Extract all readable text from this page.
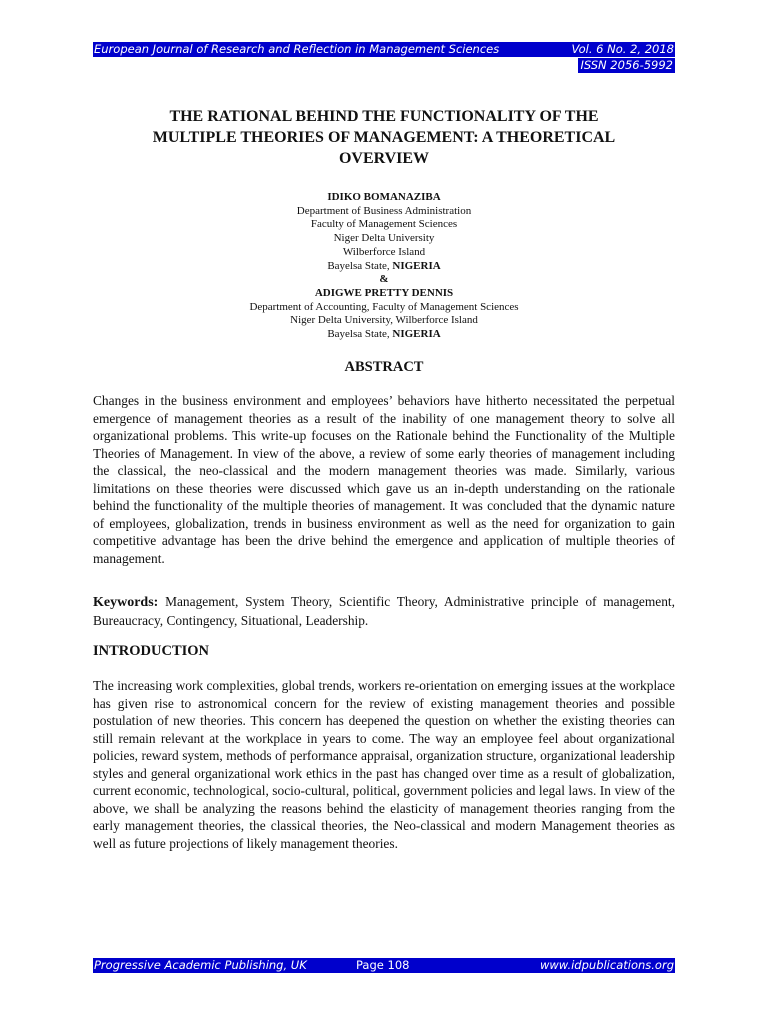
European Journal of Research and Reflection in Management Sciences	Vol. 6 No. 2, 2018
ISSN 2056-5992
THE RATIONAL BEHIND THE FUNCTIONALITY OF THE
MULTIPLE THEORIES OF MANAGEMENT: A THEORETICAL
OVERVIEW
IDIKO BOMANAZIBA
Department of Business Administration
Faculty of Management Sciences
Niger Delta University
Wilberforce Island
Bayelsa State, NIGERIA
&
ADIGWE PRETTY DENNIS
Department of Accounting, Faculty of Management Sciences
Niger Delta University, Wilberforce Island
Bayelsa State, NIGERIA
ABSTRACT

Changes in the business environment and employees’ behaviors have hitherto necessitated the perpetual emergence of management theories as a result of the inability of one management theory to solve all organizational problems. This write-up focuses on the Rationale behind the Functionality of the Multiple Theories of Management. In view of the above, a review of some early theories of management including the classical, the neo-classical and the modern management theories was made. Similarly, various limitations on these theories were discussed which gave us an in-depth understanding on the rationale behind the functionality of the multiple theories of management. It was concluded that the dynamic nature of employees, globalization, trends in business environment as well as the need for organization to gain competitive advantage has been the drive behind the emergence and application of multiple theories of management.

Keywords: Management, System Theory, Scientific Theory, Administrative principle of management, Bureaucracy, Contingency, Situational, Leadership.

INTRODUCTION

The increasing work complexities, global trends, workers re-orientation on emerging issues at the workplace has given rise to astronomical concern for the review of existing management theories and possible postulation of new theories. This concern has deepened the question on whether the existing theories can still remain relevant at the workplace in years to come. The way an employee feel about organizational policies, reward system, methods of performance appraisal, organization structure, organizational leadership styles and general organizational work ethics in the past has changed over time as a result of globalization, current economic, technological, socio-cultural, political, government policies and legal laws. In view of the above, we shall be analyzing the reasons behind the elasticity of management theories ranging from the early management theories, the classical theories, the Neo-classical and modern Management theories as well as future projections of likely management theories.

Progressive Academic Publishing, UK	Page 108	www.idpublications.org
